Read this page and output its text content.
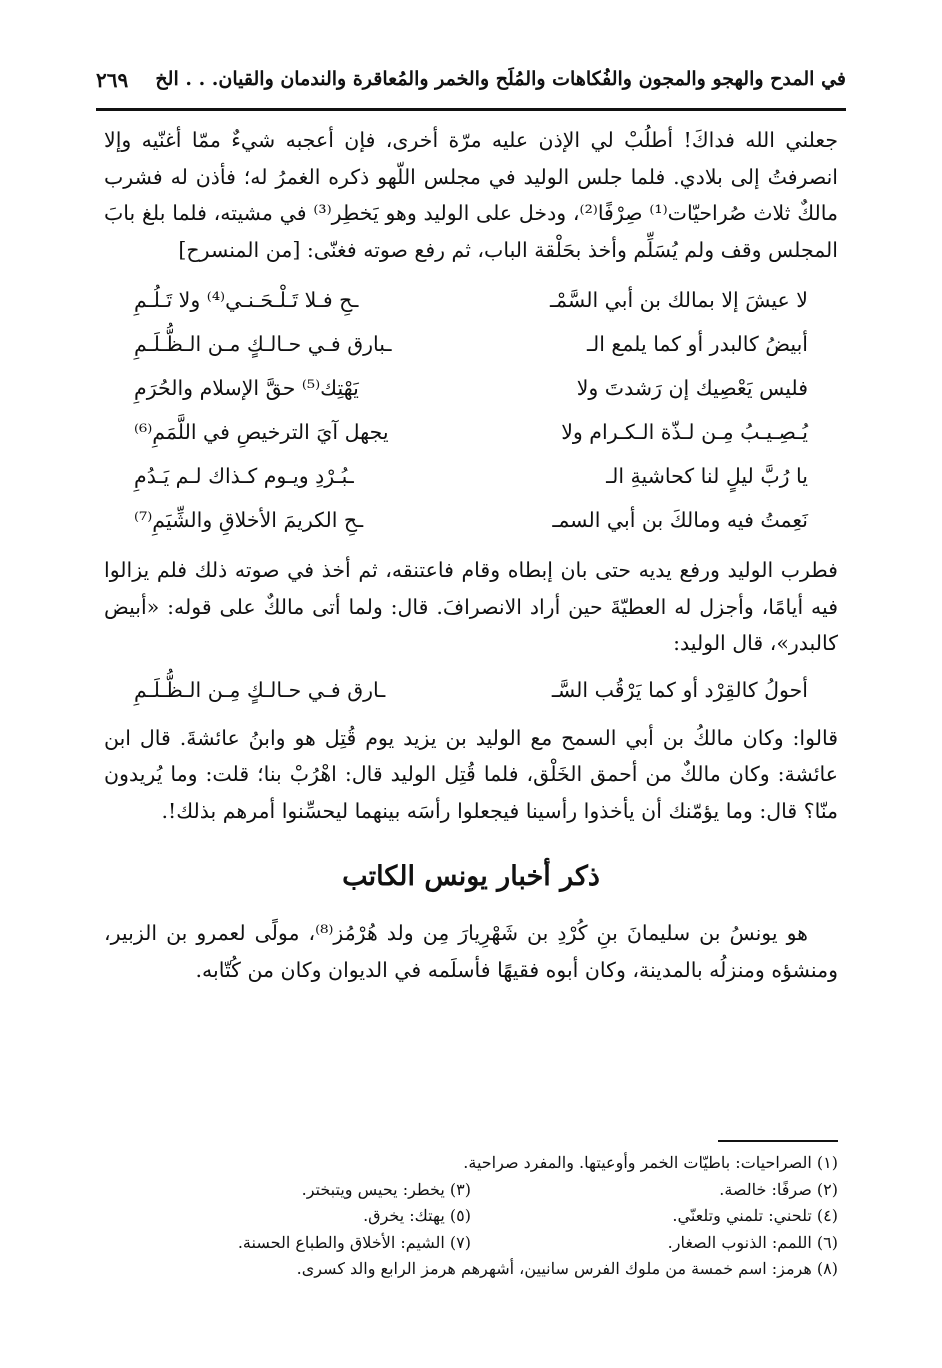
في المدح والهجو والمجون والفُكاهات والمُلَح والخمر والمُعاقرة والندمان والقيان. . . الخ
٢٦٩

جعلني الله فداكَ! أطلُبْ لي الإذن عليه مرّة أخرى، فإن أعجبه شيءٌ ممّا أغنّيه وإلا انصرفتُ إلى بلادي. فلما جلس الوليد في مجلس اللّهو ذكره الغمرُ له؛ فأذن له فشرب مالكٌ ثلاث صُراحيّات⁽¹⁾ صِرْفًا⁽²⁾، ودخل على الوليد وهو يَخطِر⁽³⁾ في مشيته، فلما بلغ بابَ المجلس وقف ولم يُسَلِّم وأخذ بحَلْقة الباب، ثم رفع صوته فغنّى: [من المنسرح]

لا عيشَ إلا بمالك بن أبي السَّمْـ
ـحِ فـلا تَـلْـحَـنـي⁽⁴⁾ ولا تَـلُـمِ
أبيضُ كالبدر أو كما يلمع الـ
ـبارق فـي حـالـكٍ مـن الـظُّـلَـمِ
فليس يَعْصِيك إن رَشدتَ ولا
يَهْتِك⁽⁵⁾ حقَّ الإسلام والحُرَمِ
يُـصِـيـبُ مِـن لـذّة الـكـرام ولا
يجهل آيَ الترخيصِ في اللَّمَمِ⁽⁶⁾
يا رُبَّ ليلٍ لنا كحاشيةِ الـ
ـبُـرْدِ ويـوم كـذاك لـم يَـدُمِ
نَعِمتُ فيه ومالكَ بن أبي السمـ
ـحِ الكريمَ الأخلاقِ والشِّيَمِ⁽⁷⁾

فطرب الوليد ورفع يديه حتى بان إبطاه وقام فاعتنقه، ثم أخذ في صوته ذلك فلم يزالوا فيه أيامًا، وأجزل له العطيّةَ حين أراد الانصرافَ. قال: ولما أتى مالكٌ على قوله: «أبيض كالبدر»، قال الوليد:

أحولُ كالقِرْد أو كما يَرْقُب السَّـ
ـارق فـي حـالـكٍ مِـن الـظُّـلَـمِ

قالوا: وكان مالكُ بن أبي السمح مع الوليد بن يزيد يوم قُتِل هو وابنُ عائشةَ. قال ابن عائشة: وكان مالكٌ من أحمق الخَلْق، فلما قُتِل الوليد قال: اهْرُبْ بنا؛ قلت: وما يُريدون منّا؟ قال: وما يؤمّنك أن يأخذوا رأسينا فيجعلوا رأسَه بينهما ليحسِّنوا أمرهم بذلك!.

ذكر أخبار يونس الكاتب

هو يونسُ بن سليمانَ بنِ كُرْدِ بن شَهْرِيارَ مِن ولد هُرْمُز⁽⁸⁾، مولًى لعمرو بن الزبير، ومنشؤه ومنزلُه بالمدينة، وكان أبوه فقيهًا فأسلَمه في الديوان وكان من كُتّابه.

(١) الصراحيات: باطيّات الخمر وأوعيتها. والمفرد صراحية.
(٢) صرفًا: خالصة.
(٣) يخطر: يحيس ويتبختر.
(٤) تلحني: تلمني وتلعنّي.
(٥) يهتك: يخرق.
(٦) اللمم: الذنوب الصغار.
(٧) الشيم: الأخلاق والطباع الحسنة.
(٨) هرمز: اسم خمسة من ملوك الفرس سانيين، أشهرهم هرمز الرابع والد كسرى.
